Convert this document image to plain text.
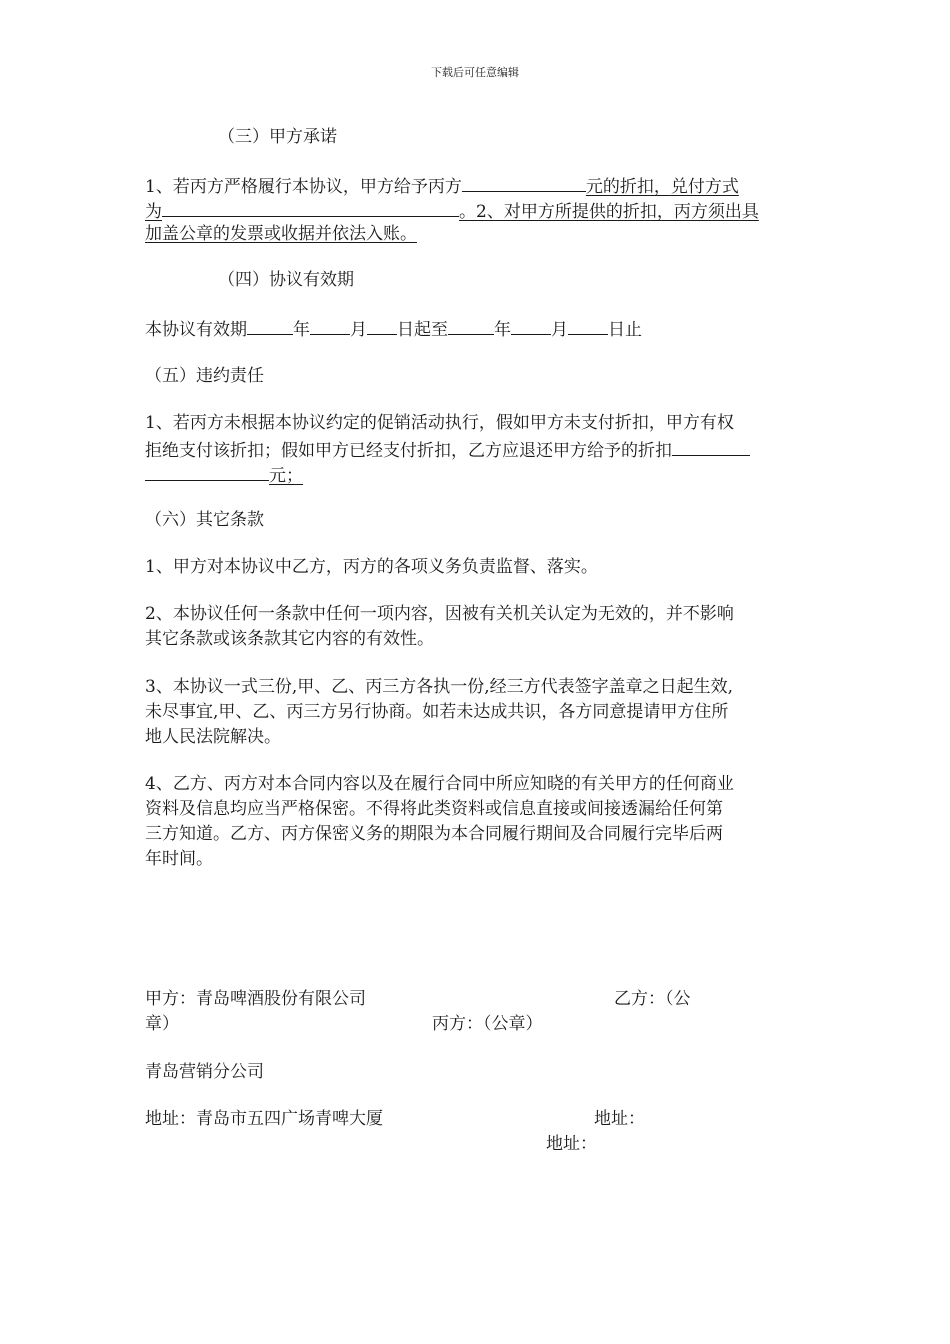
下载后可任意编辑
（三）甲方承诺
1、若丙方严格履行本协议，甲方给予丙方	元的折扣，兑付方式
为	。2、对甲方所提供的折扣，丙方须出具
加盖公章的发票或收据并依法入账。
（四）协议有效期
本协议有效期	年 月 日起至	年 月 日止
（五）违约责任
1、若丙方未根据本协议约定的促销活动执行，假如甲方未支付折扣，甲方有权
拒绝支付该折扣；假如甲方已经支付折扣，乙方应退还甲方给予的折扣
元；
（六）其它条款
1、甲方对本协议中乙方，丙方的各项义务负责监督、落实。
2、本协议任何一条款中任何一项内容，因被有关机关认定为无效的，并不影响
其它条款或该条款其它内容的有效性。
3、本协议一式三份,甲、乙、丙三方各执一份,经三方代表签字盖章之日起生效,
未尽事宜,甲、乙、丙三方另行协商。如若未达成共识，各方同意提请甲方住所
地人民法院解决。
4、乙方、丙方对本合同内容以及在履行合同中所应知晓的有关甲方的任何商业
资料及信息均应当严格保密。不得将此类资料或信息直接或间接透漏给任何第
三方知道。乙方、丙方保密义务的期限为本合同履行期间及合同履行完毕后两
年时间。
甲方：青岛啤酒股份有限公司	乙方：（公
章）	丙方：（公章）
青岛营销分公司
地址：青岛市五四广场青啤大厦	地址：
地址：
